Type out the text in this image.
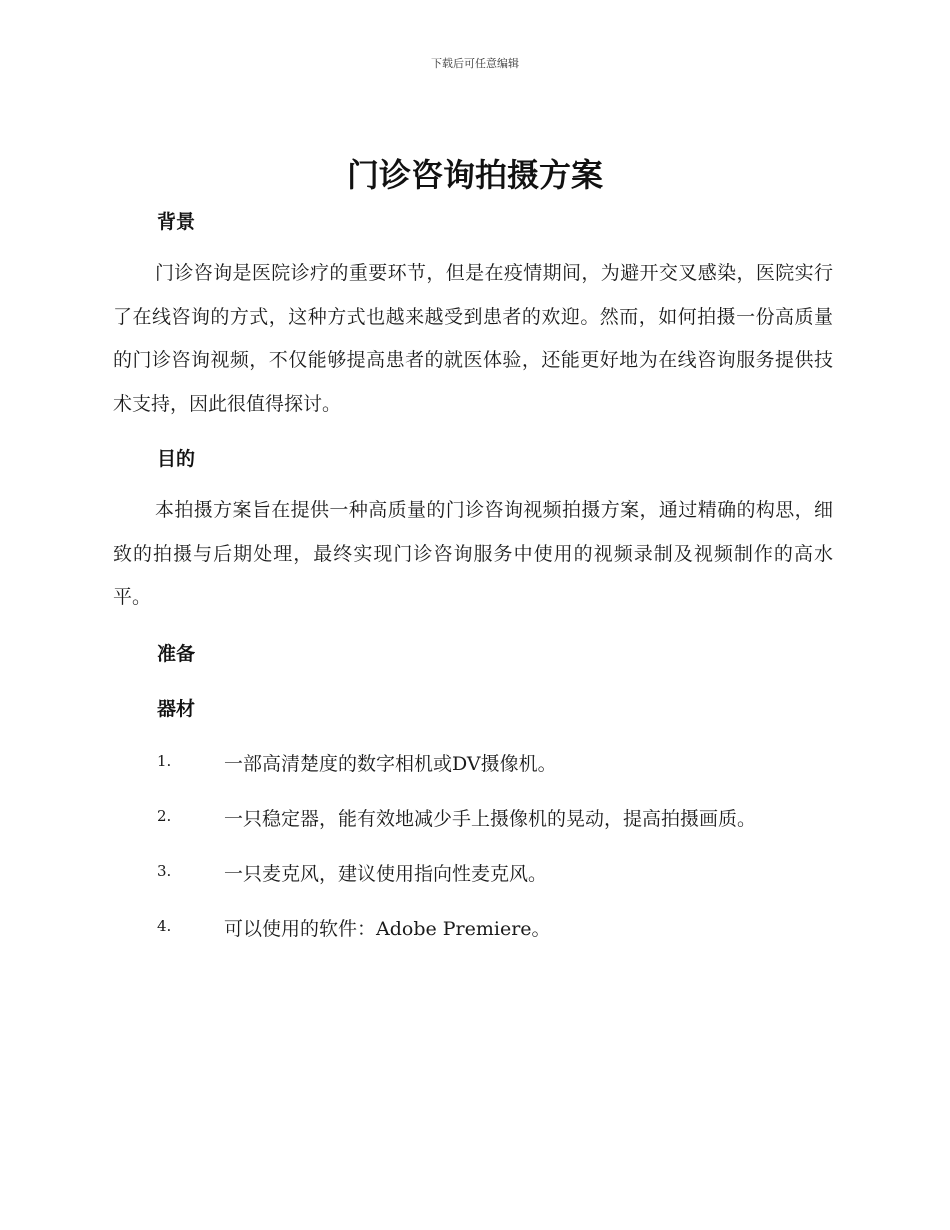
下载后可任意编辑
门诊咨询拍摄方案
背景
门诊咨询是医院诊疗的重要环节，但是在疫情期间，为避开交叉感染，医院实行了在线咨询的方式，这种方式也越来越受到患者的欢迎。然而，如何拍摄一份高质量的门诊咨询视频，不仅能够提高患者的就医体验，还能更好地为在线咨询服务提供技术支持，因此很值得探讨。
目的
本拍摄方案旨在提供一种高质量的门诊咨询视频拍摄方案，通过精确的构思，细致的拍摄与后期处理，最终实现门诊咨询服务中使用的视频录制及视频制作的高水平。
准备
器材
1.	一部高清楚度的数字相机或DV摄像机。
2.	一只稳定器，能有效地减少手上摄像机的晃动，提高拍摄画质。
3.	一只麦克风，建议使用指向性麦克风。
4.	可以使用的软件：Adobe Premiere。
